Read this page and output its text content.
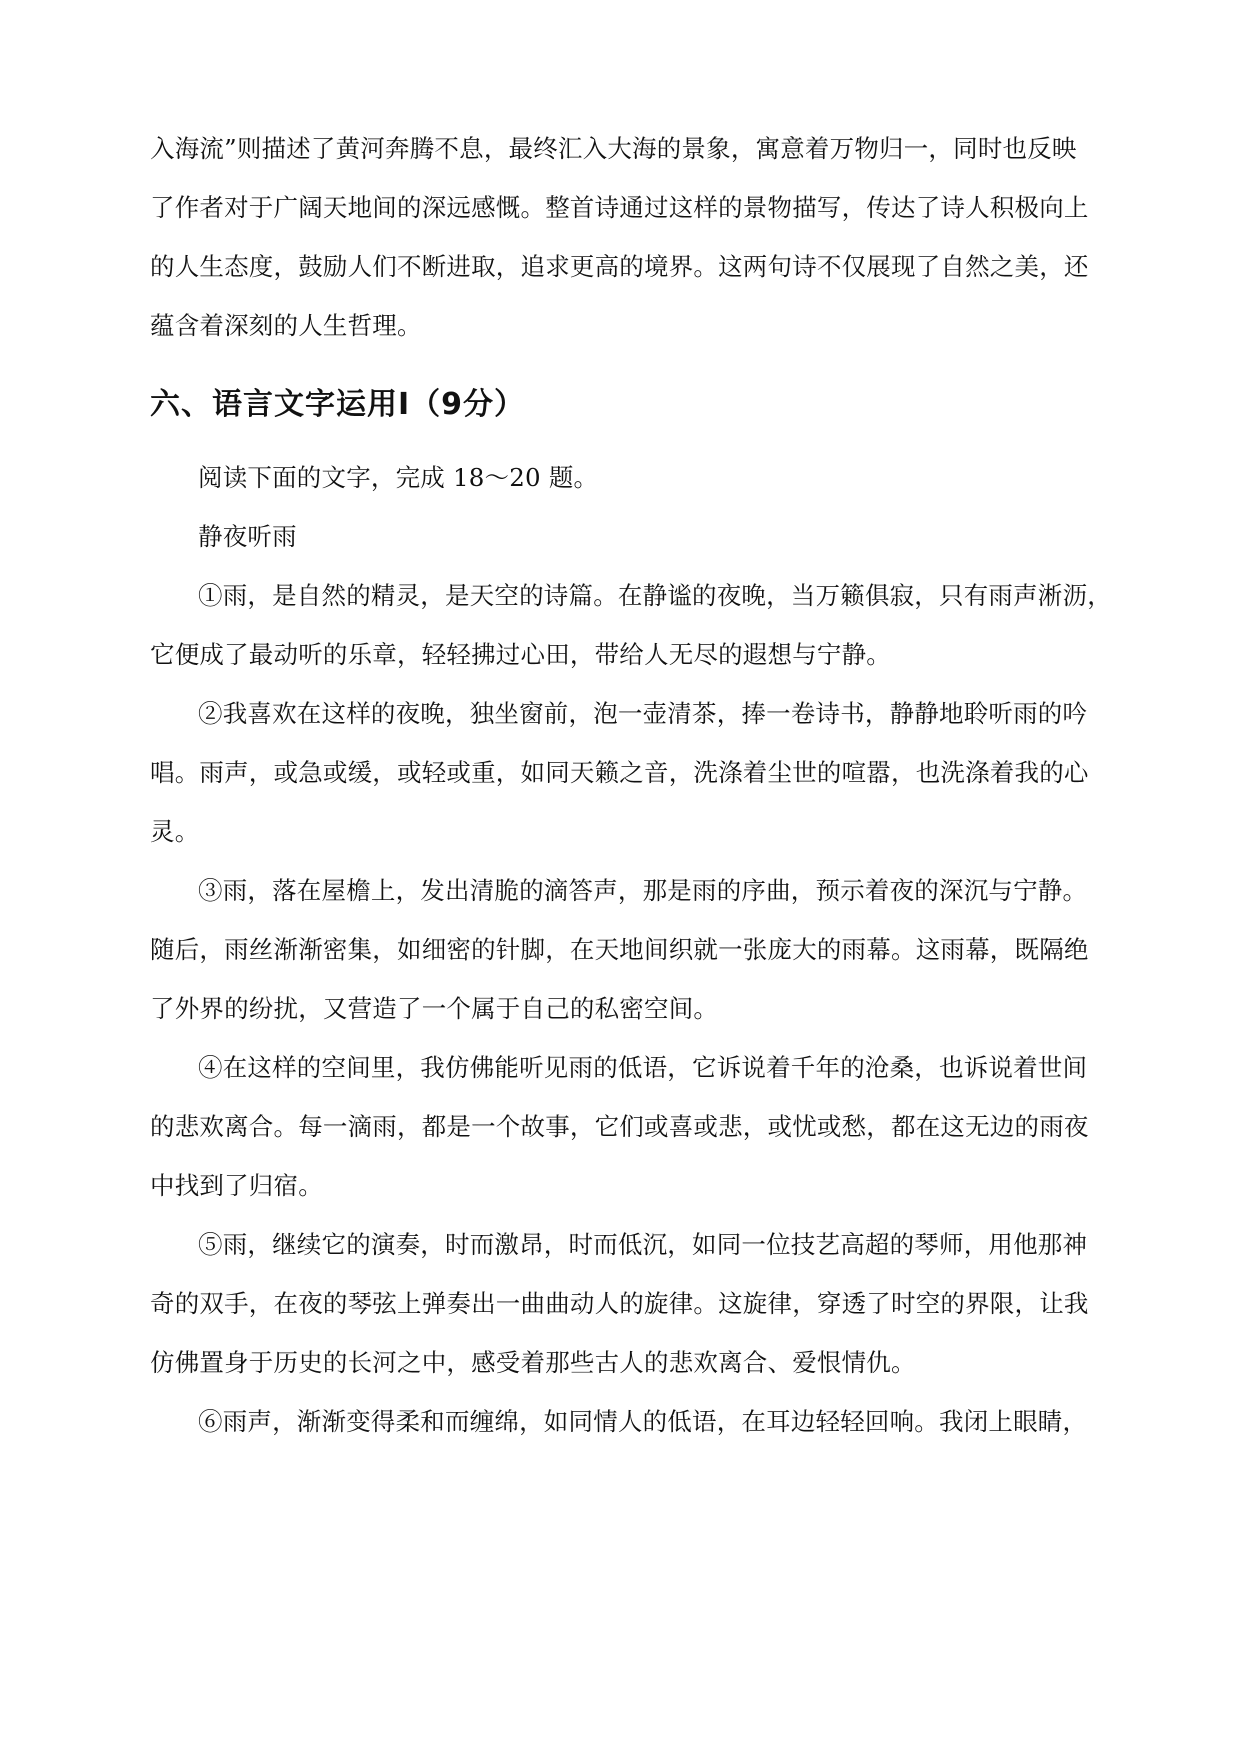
入海流”则描述了黄河奔腾不息，最终汇入大海的景象，寓意着万物归一，同时也反映
了作者对于广阔天地间的深远感慨。整首诗通过这样的景物描写，传达了诗人积极向上
的人生态度，鼓励人们不断进取，追求更高的境界。这两句诗不仅展现了自然之美，还
蕴含着深刻的人生哲理。
六、语言文字运用Ⅰ（9分）
阅读下面的文字，完成 18～20 题。
静夜听雨
①雨，是自然的精灵，是天空的诗篇。在静谧的夜晚，当万籁俱寂，只有雨声淅沥，
它便成了最动听的乐章，轻轻拂过心田，带给人无尽的遐想与宁静。
②我喜欢在这样的夜晚，独坐窗前，泡一壶清茶，捧一卷诗书，静静地聆听雨的吟
唱。雨声，或急或缓，或轻或重，如同天籁之音，洗涤着尘世的喧嚣，也洗涤着我的心
灵。
③雨，落在屋檐上，发出清脆的滴答声，那是雨的序曲，预示着夜的深沉与宁静。
随后，雨丝渐渐密集，如细密的针脚，在天地间织就一张庞大的雨幕。这雨幕，既隔绝
了外界的纷扰，又营造了一个属于自己的私密空间。
④在这样的空间里，我仿佛能听见雨的低语，它诉说着千年的沧桑，也诉说着世间
的悲欢离合。每一滴雨，都是一个故事，它们或喜或悲，或忧或愁，都在这无边的雨夜
中找到了归宿。
⑤雨，继续它的演奏，时而激昂，时而低沉，如同一位技艺高超的琴师，用他那神
奇的双手，在夜的琴弦上弹奏出一曲曲动人的旋律。这旋律，穿透了时空的界限，让我
仿佛置身于历史的长河之中，感受着那些古人的悲欢离合、爱恨情仇。
⑥雨声，渐渐变得柔和而缠绵，如同情人的低语，在耳边轻轻回响。我闭上眼睛，
